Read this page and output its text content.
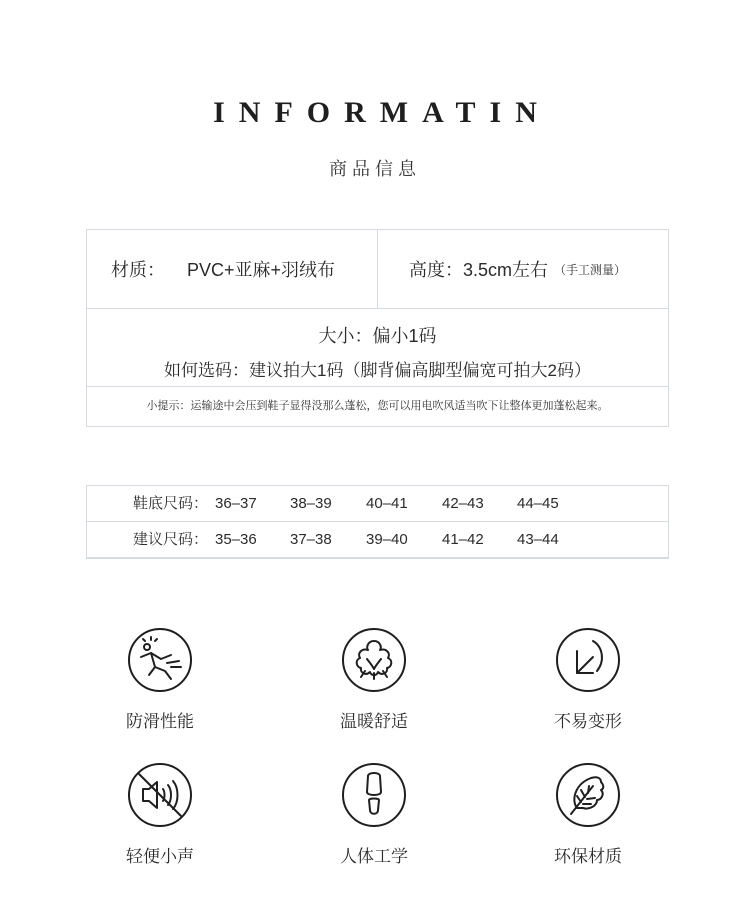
INFORMATIN
商品信息
材质： PVC+亚麻+羽绒布	高度： 3.5cm左右 （手工测量）
大小：偏小1码
如何选码：建议拍大1码（脚背偏高脚型偏宽可拍大2码）
小提示：运输途中会压到鞋子显得没那么蓬松，您可以用电吹风适当吹下让整体更加蓬松起来。
鞋底尺码： 36–37 38–39 40–41 42–43 44–45
建议尺码： 35–36 37–38 39–40 41–42 43–44
防滑性能	温暖舒适	不易变形
轻便小声	人体工学	环保材质
